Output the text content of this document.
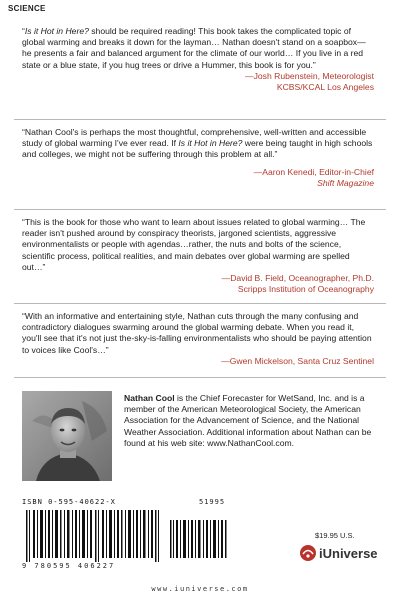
SCIENCE

“Is it Hot in Here? should be required reading! This book takes the complicated topic of global warming and breaks it down for the layman… Nathan doesn't stand on a soapbox—he presents a fair and balanced argument for the climate of our world… If you live in a red state or a blue state, if you hug trees or drive a Hummer, this book is for you.”

—Josh Rubenstein, Meteorologist
KCBS/KCAL Los Angeles

“Nathan Cool's is perhaps the most thoughtful, comprehensive, well-written and accessible study of global warming I've ever read. If Is it Hot in Here? were being taught in high schools and colleges, we might not be suffering through this problem at all.”

—Aaron Kenedi, Editor-in-Chief
Shift Magazine

“This is the book for those who want to learn about issues related to global warming… The reader isn't pushed around by conspiracy theorists, jargoned scientists, aggressive environmentalists or people with agendas…rather, the nuts and bolts of the science, scientific process, political realities, and main debates over global warming are spelled out…”

—David B. Field, Oceanographer, Ph.D.
Scripps Institution of Oceanography

“With an informative and entertaining style, Nathan cuts through the many confusing and contradictory dialogues swarming around the global warming debate. When you read it, you'll see that it's not just the-sky-is-falling environmentalists who should be paying attention to voices like Cool's…”

—Gwen Mickelson, Santa Cruz Sentinel
Nathan Cool is the Chief Forecaster for WetSand, Inc. and is a member of the American Meteorological Society, the American Association for the Advancement of Science, and the National Weather Association. Additional information about Nathan can be found at his web site: www.NathanCool.com.
ISBN 0-595-40622-X	51995
9 780595 406227
$19.95 U.S.
iUniverse
www.iuniverse.com
